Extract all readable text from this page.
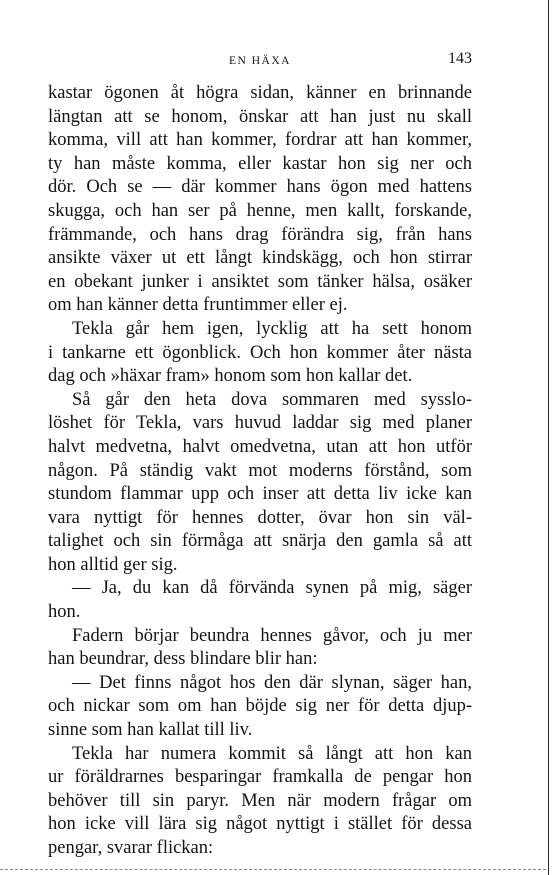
EN HÄXA	143
kastar ögonen åt högra sidan, känner en brinnande
längtan att se honom, önskar att han just nu skall
komma, vill att han kommer, fordrar att han kommer,
ty han måste komma, eller kastar hon sig ner och
dör. Och se — där kommer hans ögon med hattens
skugga, och han ser på henne, men kallt, forskande,
främmande, och hans drag förändra sig, från hans
ansikte växer ut ett långt kindskägg, och hon stirrar
en obekant junker i ansiktet som tänker hälsa, osäker
om han känner detta fruntimmer eller ej.
Tekla går hem igen, lycklig att ha sett honom
i tankarne ett ögonblick. Och hon kommer åter nästa
dag och »häxar fram» honom som hon kallar det.
Så går den heta dova sommaren med sysslo-
löshet för Tekla, vars huvud laddar sig med planer
halvt medvetna, halvt omedvetna, utan att hon utför
någon. På ständig vakt mot moderns förstånd, som
stundom flammar upp och inser att detta liv icke kan
vara nyttigt för hennes dotter, övar hon sin väl-
talighet och sin förmåga att snärja den gamla så att
hon alltid ger sig.
— Ja, du kan då förvända synen på mig, säger
hon.
Fadern börjar beundra hennes gåvor, och ju mer
han beundrar, dess blindare blir han:
— Det finns något hos den där slynan, säger han,
och nickar som om han böjde sig ner för detta djup-
sinne som han kallat till liv.
Tekla har numera kommit så långt att hon kan
ur föräldrarnes besparingar framkalla de pengar hon
behöver till sin paryr. Men när modern frågar om
hon icke vill lära sig något nyttigt i stället för dessa
pengar, svarar flickan:
